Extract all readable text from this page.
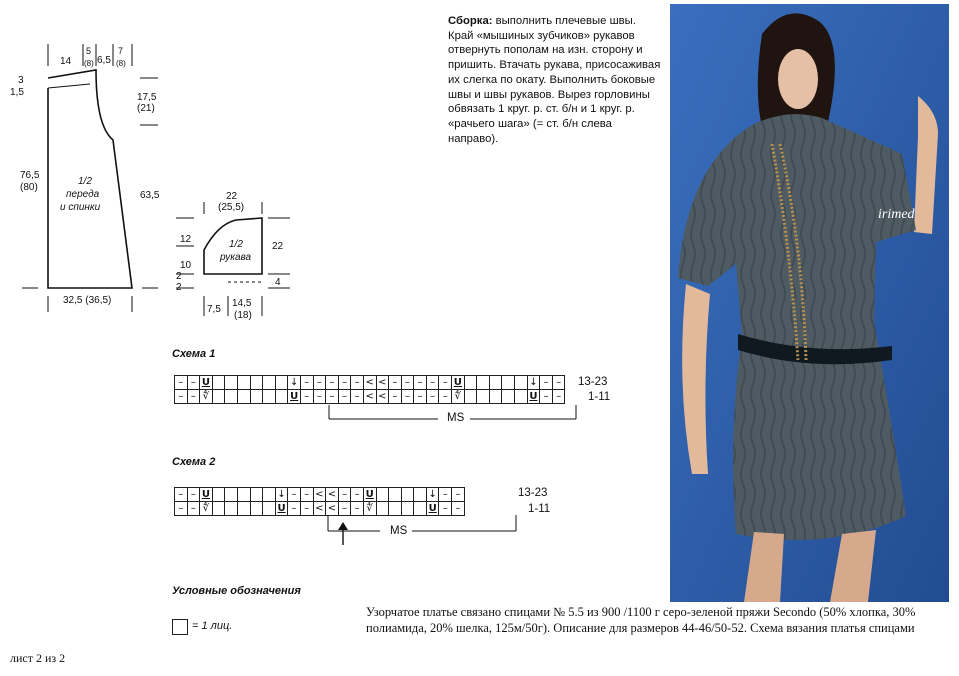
14
5
(8) 6,5
7
(8)
3
1,5
76,5
(80)
17,5
(21)
63,5
1/2
переда
и спинки
32,5 (36,5)
22
(25,5)
12
10
2
2
22
4
1/2
рукава
7,5
14,5
(18)
Сборка: выполнить плечевые швы. Край «мышиных зубчиков» рукавов отвернуть пополам на изн. сторону и пришить. Втачать рукава, присосаживая их слегка по окату. Выполнить боковые швы и швы рукавов. Вырез горловины обвязать 1 круг. р. ст. б/н и 1 круг. р. «рачьего шага» (= ст. б/н слева направо).
Схема 1
–	–	U							↓	–	–	–	–	–	<	<	–	–	–	–	–	U						↓	–	–
–	–	∜							U	–	–	–	–	–	<	<	–	–	–	–	–	∜						U	–	–
13-23
1-11
MS
Схема 2
–	–	U						↓	–	–	<	<	–	–	U					↓	–	–
–	–	∜						U	–	–	<	<	–	–	∜					U	–	–
13-23
1-11
MS
Условные обозначения
= 1 лиц.
irimed
Узорчатое платье связано спицами № 5.5 из 900 /1100 г серо-зеленой пряжи Secondo (50% хлопка, 30% полиамида, 20% шелка, 125м/50г). Описание для размеров 44-46/50-52. Схема вязания платья спицами
лист 2 из 2
